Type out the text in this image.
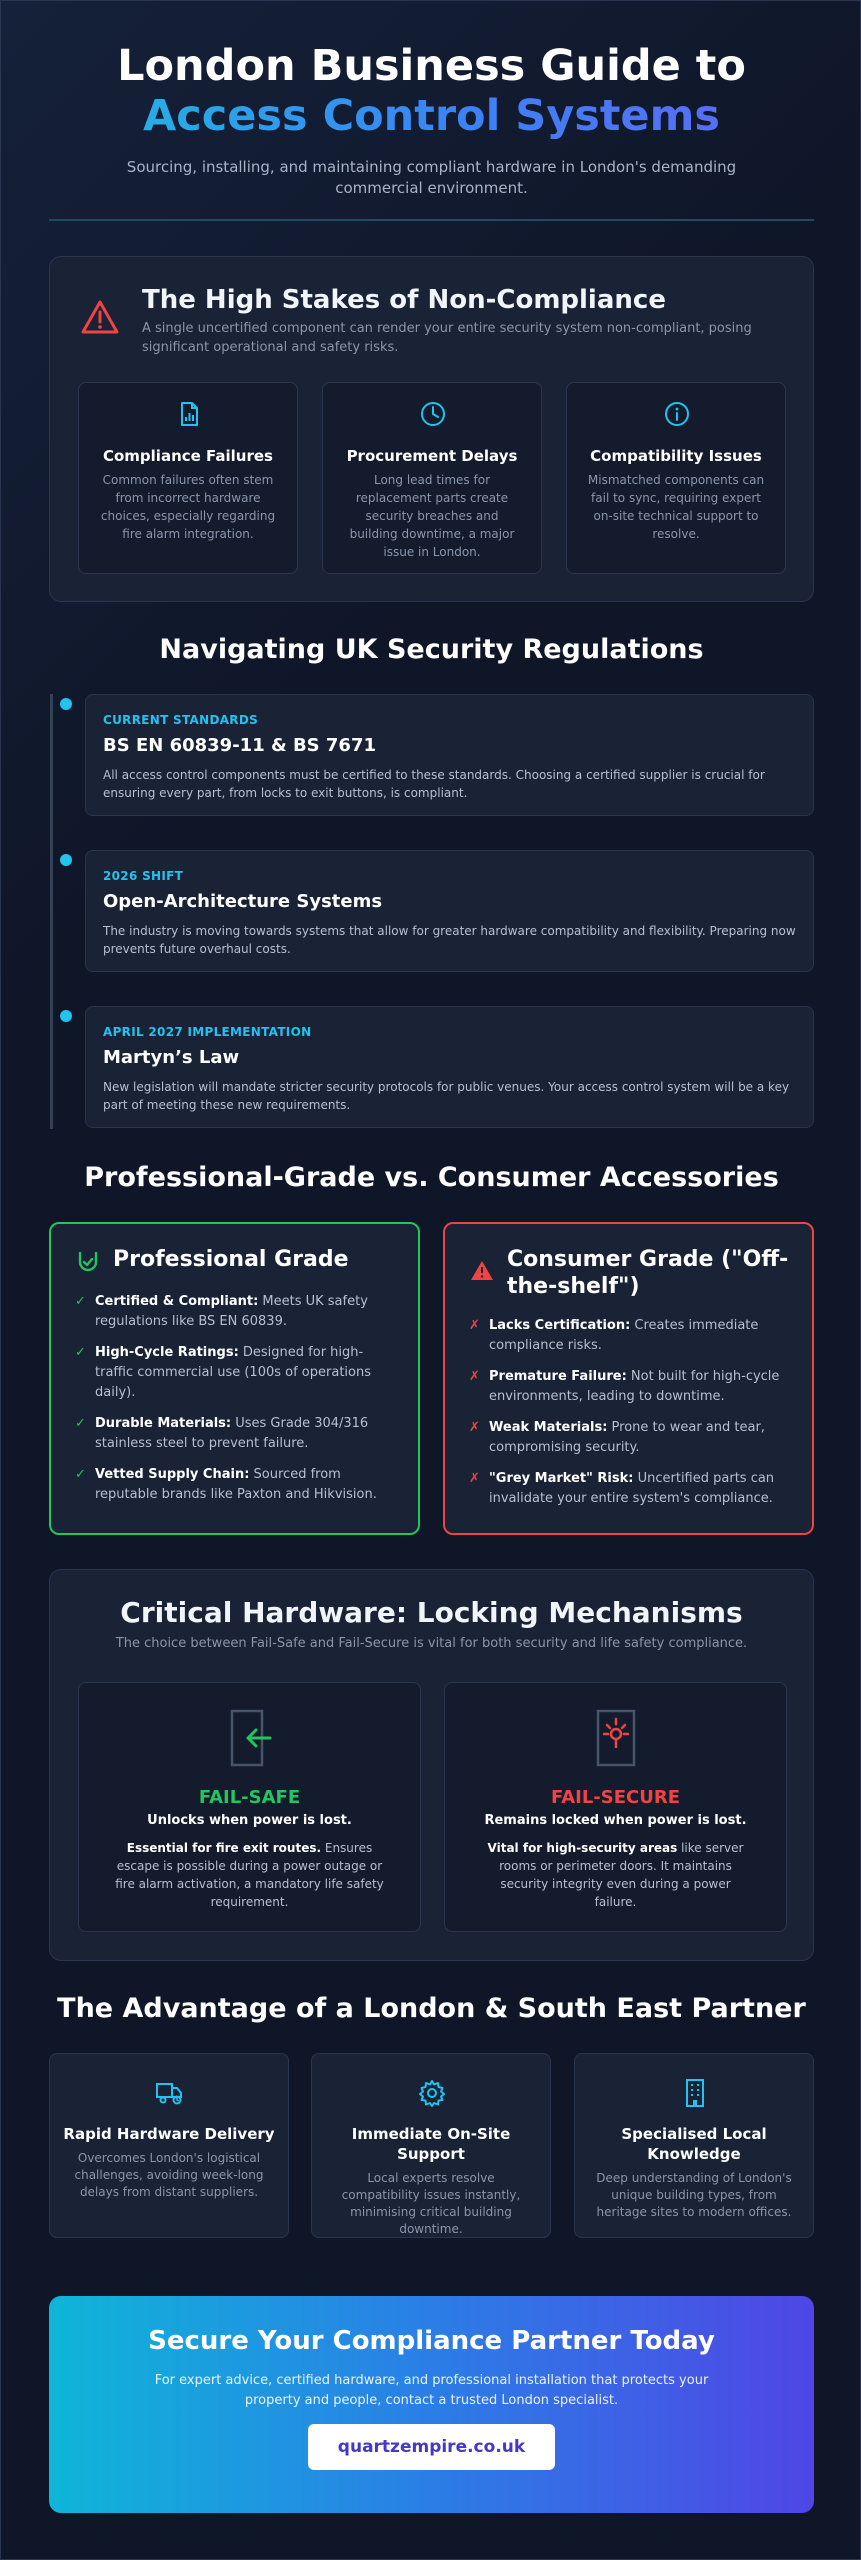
London Business Guide to
Access Control Systems

Sourcing, installing, and maintaining compliant hardware in London's demanding commercial environment.

The High Stakes of Non-Compliance
A single uncertified component can render your entire security system non-compliant, posing significant operational and safety risks.
Compliance Failures

Common failures often stem from incorrect hardware choices, especially regarding fire alarm integration.

Procurement Delays

Long lead times for replacement parts create security breaches and building downtime, a major issue in London.

Compatibility Issues

Mismatched components can fail to sync, requiring expert on-site technical support to resolve.

Navigating UK Security Regulations
CURRENT STANDARDS
BS EN 60839-11 & BS 7671

All access control components must be certified to these standards. Choosing a certified supplier is crucial for ensuring every part, from locks to exit buttons, is compliant.

2026 SHIFT
Open-Architecture Systems

The industry is moving towards systems that allow for greater hardware compatibility and flexibility. Preparing now prevents future overhaul costs.

APRIL 2027 IMPLEMENTATION
Martyn’s Law

New legislation will mandate stricter security protocols for public venues. Your access control system will be a key part of meeting these new requirements.

Professional-Grade vs. Consumer Accessories
Professional Grade
✓ Certified & Compliant: Meets UK safety regulations like BS EN 60839.
✓ High-Cycle Ratings: Designed for high-traffic commercial use (100s of operations daily).
✓ Durable Materials: Uses Grade 304/316 stainless steel to prevent failure.
✓ Vetted Supply Chain: Sourced from reputable brands like Paxton and Hikvision.
Consumer Grade ("Off-the-shelf")
✗ Lacks Certification: Creates immediate compliance risks.
✗ Premature Failure: Not built for high-cycle environments, leading to downtime.
✗ Weak Materials: Prone to wear and tear, compromising security.
✗ "Grey Market" Risk: Uncertified parts can invalidate your entire system's compliance.
Critical Hardware: Locking Mechanisms
The choice between Fail-Safe and Fail-Secure is vital for both security and life safety compliance.
FAIL-SAFE
Unlocks when power is lost.

Essential for fire exit routes. Ensures escape is possible during a power outage or fire alarm activation, a mandatory life safety requirement.

FAIL-SECURE
Remains locked when power is lost.

Vital for high-security areas like server rooms or perimeter doors. It maintains security integrity even during a power failure.

The Advantage of a London & South East Partner
Rapid Hardware Delivery

Overcomes London's logistical challenges, avoiding week-long delays from distant suppliers.

Immediate On-Site Support

Local experts resolve compatibility issues instantly, minimising critical building downtime.

Specialised Local Knowledge

Deep understanding of London's unique building types, from heritage sites to modern offices.

Secure Your Compliance Partner Today

For expert advice, certified hardware, and professional installation that protects your property and people, contact a trusted London specialist.

quartzempire.co.uk
